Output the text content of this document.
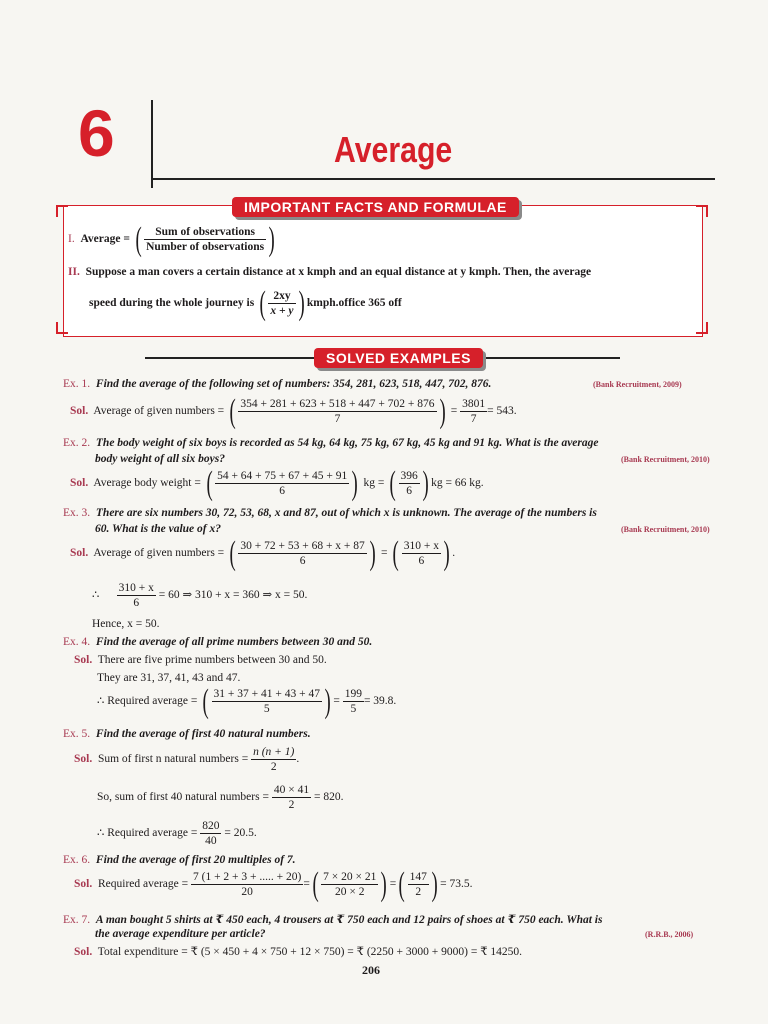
6	Average
IMPORTANT FACTS AND FORMULAE
I. Average = ( $\frac{\text{Sum of observations}}{\text{Number of observations}}$ )
II. Suppose a man covers a certain distance at x kmph and an equal distance at y kmph. Then, the average
speed during the whole journey is ( $\frac{2xy}{x + y}$ ) kmph.office 365 off
SOLVED EXAMPLES
Ex. 1. Find the average of the following set of numbers: 354, 281, 623, 518, 447, 702, 876.	(Bank Recruitment, 2009)
Sol. Average of given numbers = ( $\frac{354 + 281 + 623 + 518 + 447 + 702 + 876}{7}$ ) = $\frac{3801}{7} = 543$.
Ex. 2. The body weight of six boys is recorded as 54 kg, 64 kg, 75 kg, 67 kg, 45 kg and 91 kg. What is the average
body weight of all six boys?	(Bank Recruitment, 2010)
Sol. Average body weight = ( $\frac{54 + 64 + 75 + 67 + 45 + 91}{6}$ ) kg = ( $\frac{396}{6}$ ) kg = 66 kg.
Ex. 3. There are six numbers 30, 72, 53, 68, x and 87, out of which x is unknown. The average of the numbers is
60. What is the value of x?	(Bank Recruitment, 2010)
Sol. Average of given numbers = ( $\frac{30 + 72 + 53 + 68 + x + 87}{6}$ ) = ( $\frac{310 + x}{6}$ ) .
∴ $\frac{310 + x}{6} = 60$ ⇒ 310 + x = 360 ⇒ x = 50.
Hence, x = 50.
Ex. 4. Find the average of all prime numbers between 30 and 50.
Sol. There are five prime numbers between 30 and 50.
They are 31, 37, 41, 43 and 47.
∴ Required average = ( $\frac{31 + 37 + 41 + 43 + 47}{5}$ ) = $\frac{199}{5} = 39.8$.
Ex. 5. Find the average of first 40 natural numbers.
Sol. Sum of first n natural numbers = $\frac{n (n + 1)}{2}$ .
So, sum of first 40 natural numbers = $\frac{40 \times 41}{2} = 820$.
∴ Required average = $\frac{820}{40} = 20.5$.
Ex. 6. Find the average of first 20 multiples of 7.
Sol. Required average = $\frac{7 (1 + 2 + 3 + ..... + 20)}{20}$ =( $\frac{7 \times 20 \times 21}{20 \times 2}$ ) =( $\frac{147}{2}$ ) = 73.5.
Ex. 7. A man bought 5 shirts at ₹ 450 each, 4 trousers at ₹ 750 each and 12 pairs of shoes at ₹ 750 each. What is
the average expenditure per article?	(R.R.B., 2006)
Sol. Total expenditure = ₹ (5 × 450 + 4 × 750 + 12 × 750) = ₹ (2250 + 3000 + 9000) = ₹ 14250.
206
